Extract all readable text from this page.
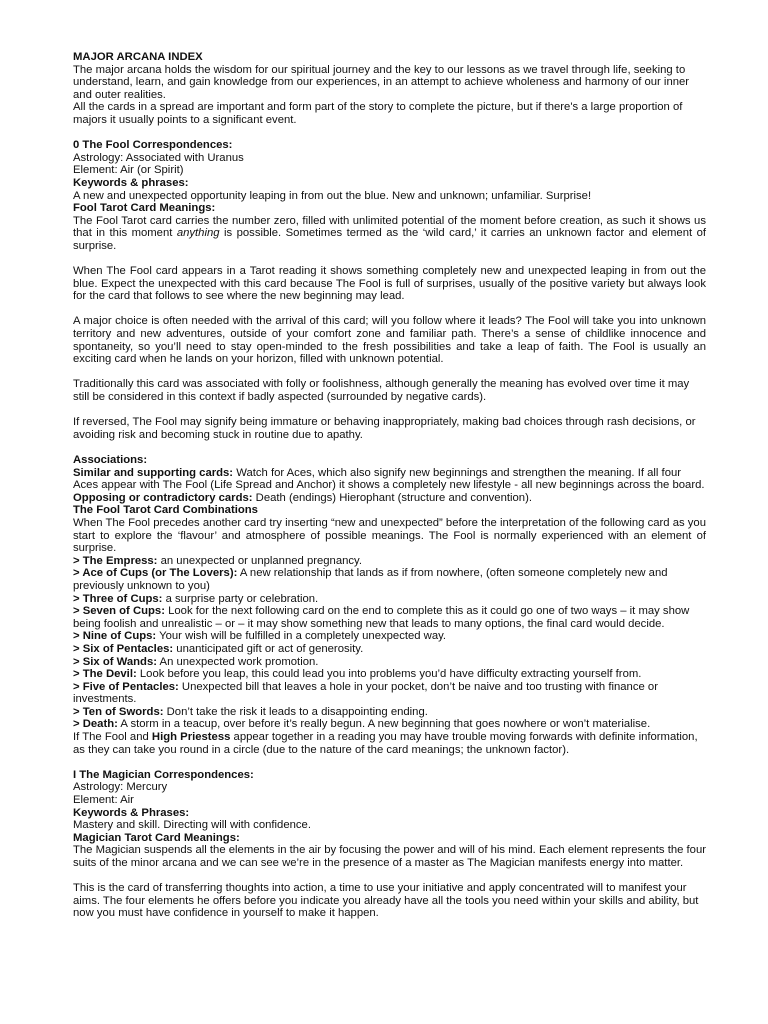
MAJOR ARCANA INDEX

The major arcana holds the wisdom for our spiritual journey and the key to our lessons as we travel through life, seeking to understand, learn, and gain knowledge from our experiences, in an attempt to achieve wholeness and harmony of our inner and outer realities.

All the cards in a spread are important and form part of the story to complete the picture, but if there's a large proportion of majors it usually points to a significant event.

0 The Fool Correspondences:

Astrology: Associated with Uranus

Element: Air (or Spirit)

Keywords & phrases:

A new and unexpected opportunity leaping in from out the blue. New and unknown; unfamiliar. Surprise!

Fool Tarot Card Meanings:

The Fool Tarot card carries the number zero, filled with unlimited potential of the moment before creation, as such it shows us that in this moment anything is possible. Sometimes termed as the ‘wild card,’ it carries an unknown factor and element of surprise.

When The Fool card appears in a Tarot reading it shows something completely new and unexpected leaping in from out the blue. Expect the unexpected with this card because The Fool is full of surprises, usually of the positive variety but always look for the card that follows to see where the new beginning may lead.

A major choice is often needed with the arrival of this card; will you follow where it leads? The Fool will take you into unknown territory and new adventures, outside of your comfort zone and familiar path. There’s a sense of childlike innocence and spontaneity, so you’ll need to stay open-minded to the fresh possibilities and take a leap of faith. The Fool is usually an exciting card when he lands on your horizon, filled with unknown potential.

Traditionally this card was associated with folly or foolishness, although generally the meaning has evolved over time it may still be considered in this context if badly aspected (surrounded by negative cards).

If reversed, The Fool may signify being immature or behaving inappropriately, making bad choices through rash decisions, or avoiding risk and becoming stuck in routine due to apathy.

Associations:

Similar and supporting cards: Watch for Aces, which also signify new beginnings and strengthen the meaning. If all four Aces appear with The Fool (Life Spread and Anchor) it shows a completely new lifestyle - all new beginnings across the board.

Opposing or contradictory cards: Death (endings) Hierophant (structure and convention).

The Fool Tarot Card Combinations

When The Fool precedes another card try inserting “new and unexpected” before the interpretation of the following card as you start to explore the ‘flavour’ and atmosphere of possible meanings. The Fool is normally experienced with an element of surprise.

> The Empress: an unexpected or unplanned pregnancy.

> Ace of Cups (or The Lovers): A new relationship that lands as if from nowhere, (often someone completely new and previously unknown to you)

> Three of Cups: a surprise party or celebration.

> Seven of Cups: Look for the next following card on the end to complete this as it could go one of two ways – it may show being foolish and unrealistic – or – it may show something new that leads to many options, the final card would decide.

> Nine of Cups: Your wish will be fulfilled in a completely unexpected way.

> Six of Pentacles: unanticipated gift or act of generosity.

> Six of Wands: An unexpected work promotion.

> The Devil: Look before you leap, this could lead you into problems you’d have difficulty extracting yourself from.

> Five of Pentacles: Unexpected bill that leaves a hole in your pocket, don’t be naive and too trusting with finance or investments.

> Ten of Swords: Don’t take the risk it leads to a disappointing ending.

> Death: A storm in a teacup, over before it’s really begun. A new beginning that goes nowhere or won’t materialise.

If The Fool and High Priestess appear together in a reading you may have trouble moving forwards with definite information, as they can take you round in a circle (due to the nature of the card meanings; the unknown factor).

I The Magician Correspondences:

Astrology: Mercury

Element: Air

Keywords & Phrases:

Mastery and skill. Directing will with confidence.

Magician Tarot Card Meanings:

The Magician suspends all the elements in the air by focusing the power and will of his mind. Each element represents the four suits of the minor arcana and we can see we’re in the presence of a master as The Magician manifests energy into matter.

This is the card of transferring thoughts into action, a time to use your initiative and apply concentrated will to manifest your aims. The four elements he offers before you indicate you already have all the tools you need within your skills and ability, but now you must have confidence in yourself to make it happen.
